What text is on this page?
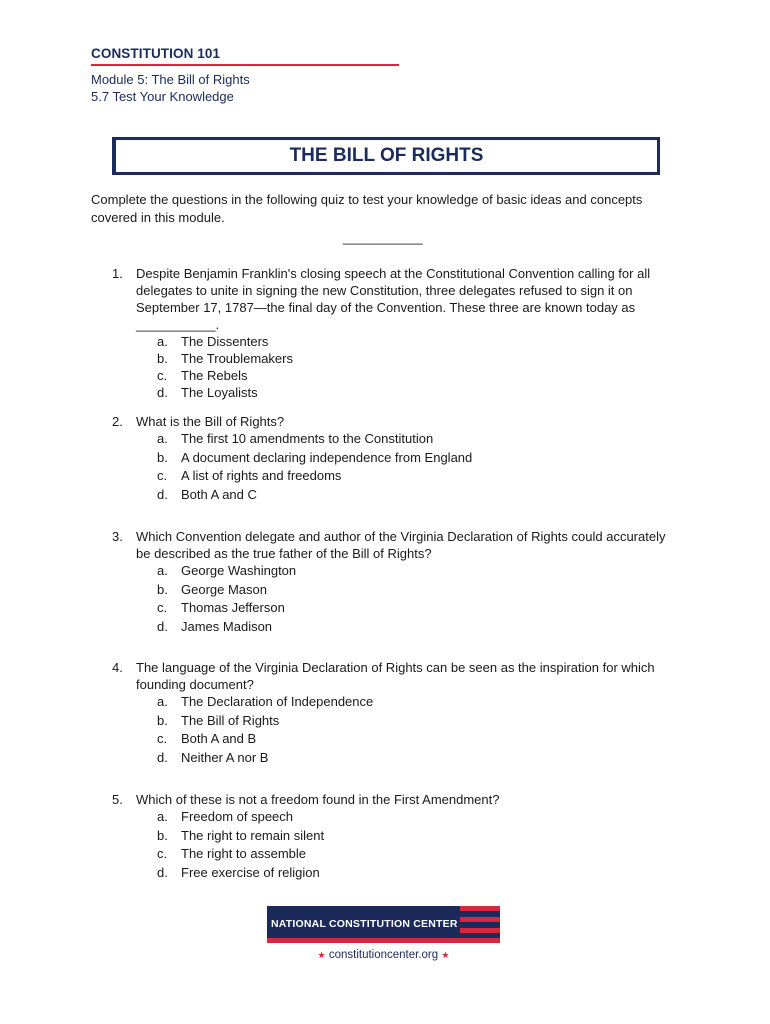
CONSTITUTION 101
Module 5: The Bill of Rights
5.7 Test Your Knowledge
THE BILL OF RIGHTS
Complete the questions in the following quiz to test your knowledge of basic ideas and concepts covered in this module.
___________
1. Despite Benjamin Franklin's closing speech at the Constitutional Convention calling for all delegates to unite in signing the new Constitution, three delegates refused to sign it on September 17, 1787—the final day of the Convention. These three are known today as ___________.
a. The Dissenters
b. The Troublemakers
c. The Rebels
d. The Loyalists
2. What is the Bill of Rights?
a. The first 10 amendments to the Constitution
b. A document declaring independence from England
c. A list of rights and freedoms
d. Both A and C
3. Which Convention delegate and author of the Virginia Declaration of Rights could accurately be described as the true father of the Bill of Rights?
a. George Washington
b. George Mason
c. Thomas Jefferson
d. James Madison
4. The language of the Virginia Declaration of Rights can be seen as the inspiration for which founding document?
a. The Declaration of Independence
b. The Bill of Rights
c. Both A and B
d. Neither A nor B
5. Which of these is not a freedom found in the First Amendment?
a. Freedom of speech
b. The right to remain silent
c. The right to assemble
d. Free exercise of religion
NATIONAL CONSTITUTION CENTER
★ constitutioncenter.org ★
